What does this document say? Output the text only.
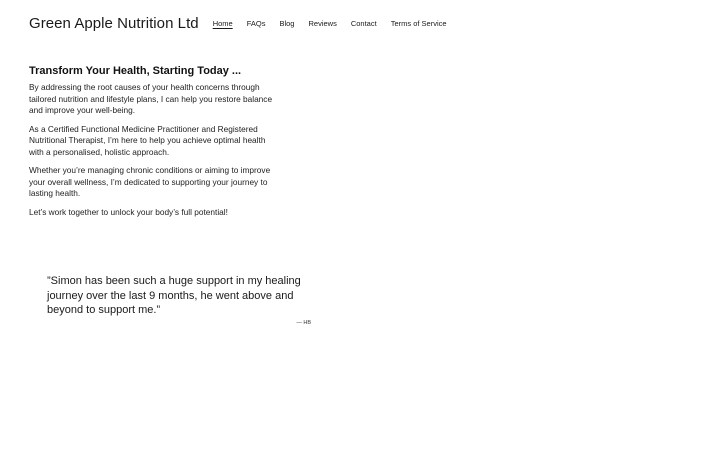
Green Apple Nutrition Ltd Home FAQs Blog Reviews Contact Terms of Service
Transform Your Health, Starting Today ...

By addressing the root causes of your health concerns through tailored nutrition and lifestyle plans, I can help you restore balance and improve your well-being.

As a Certified Functional Medicine Practitioner and Registered Nutritional Therapist, I’m here to help you achieve optimal health with a personalised, holistic approach.

Whether you’re managing chronic conditions or aiming to improve your overall wellness, I’m dedicated to supporting your journey to lasting health.

Let’s work together to unlock your body’s full potential!

”Simon has been such a huge support in my healing journey over the last 9 months, he went above and beyond to support me.”

— HB
